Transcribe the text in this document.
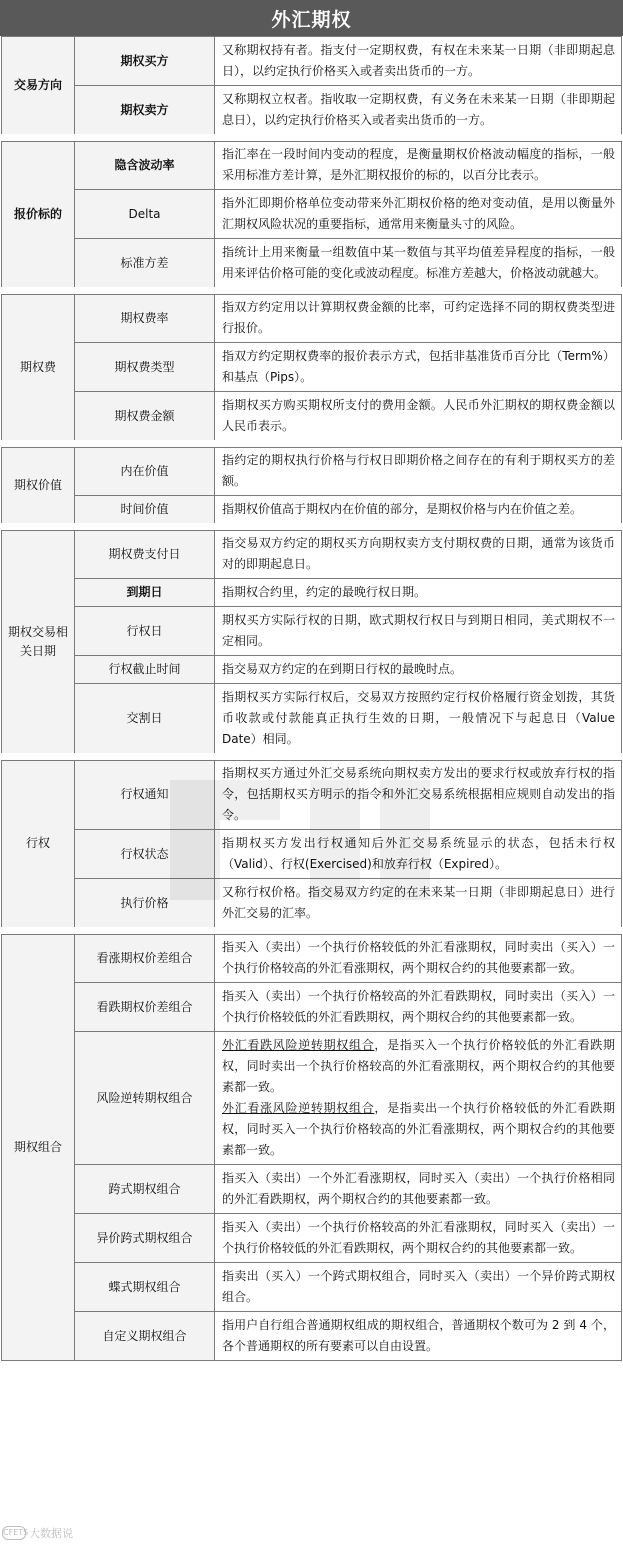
外汇期权
交易方向	期权买方	又称期权持有者。指支付一定期权费，有权在未来某一日期（非即期起息日），以约定执行价格买入或者卖出货币的一方。
	期权卖方	又称期权立权者。指收取一定期权费，有义务在未来某一日期（非即期起息日），以约定执行价格买入或者卖出货币的一方。
报价标的	隐含波动率	指汇率在一段时间内变动的程度，是衡量期权价格波动幅度的指标，一般采用标准方差计算，是外汇期权报价的标的，以百分比表示。
	Delta	指外汇即期价格单位变动带来外汇期权价格的绝对变动值，是用以衡量外汇期权风险状况的重要指标，通常用来衡量头寸的风险。
	标准方差	指统计上用来衡量一组数值中某一数值与其平均值差异程度的指标，一般用来评估价格可能的变化或波动程度。标准方差越大，价格波动就越大。
期权费	期权费率	指双方约定用以计算期权费金额的比率，可约定选择不同的期权费类型进行报价。
	期权费类型	指双方约定期权费率的报价表示方式，包括非基准货币百分比（Term%）和基点（Pips）。
	期权费金额	指期权买方购买期权所支付的费用金额。人民币外汇期权的期权费金额以人民币表示。
期权价值	内在价值	指约定的期权执行价格与行权日即期价格之间存在的有利于期权买方的差额。
	时间价值	指期权价值高于期权内在价值的部分，是期权价格与内在价值之差。
期权交易相关日期	期权费支付日	指交易双方约定的期权买方向期权卖方支付期权费的日期，通常为该货币对的即期起息日。
	到期日	指期权合约里，约定的最晚行权日期。
	行权日	期权买方实际行权的日期，欧式期权行权日与到期日相同，美式期权不一定相同。
	行权截止时间	指交易双方约定的在到期日行权的最晚时点。
	交割日	指期权买方实际行权后，交易双方按照约定行权价格履行资金划拨，其货币收款或付款能真正执行生效的日期，一般情况下与起息日（Value Date）相同。
行权	行权通知	指期权买方通过外汇交易系统向期权卖方发出的要求行权或放弃行权的指令，包括期权买方明示的指令和外汇交易系统根据相应规则自动发出的指令。
	行权状态	指期权买方发出行权通知后外汇交易系统显示的状态，包括未行权（Valid）、行权(Exercised)和放弃行权（Expired）。
	执行价格	又称行权价格。指交易双方约定的在未来某一日期（非即期起息日）进行外汇交易的汇率。
期权组合	看涨期权价差组合	指买入（卖出）一个执行价格较低的外汇看涨期权，同时卖出（买入）一个执行价格较高的外汇看涨期权，两个期权合约的其他要素都一致。
	看跌期权价差组合	指买入（卖出）一个执行价格较高的外汇看跌期权，同时卖出（买入）一个执行价格较低的外汇看跌期权，两个期权合约的其他要素都一致。
	风险逆转期权组合	外汇看跌风险逆转期权组合，是指买入一个执行价格较低的外汇看跌期权，同时卖出一个执行价格较高的外汇看涨期权，两个期权合约的其他要素都一致。
外汇看涨风险逆转期权组合，是指卖出一个执行价格较低的外汇看跌期权，同时买入一个执行价格较高的外汇看涨期权，两个期权合约的其他要素都一致。

	跨式期权组合	指买入（卖出）一个外汇看涨期权，同时买入（卖出）一个执行价格相同的外汇看跌期权，两个期权合约的其他要素都一致。
	异价跨式期权组合	指买入（卖出）一个执行价格较高的外汇看涨期权，同时买入（卖出）一个执行价格较低的外汇看跌期权，两个期权合约的其他要素都一致。
	蝶式期权组合	指卖出（买入）一个跨式期权组合，同时买入（卖出）一个异价跨式期权组合。
	自定义期权组合	指用户自行组合普通期权组成的期权组合，普通期权个数可为 2 到 4 个，各个普通期权的所有要素可以自由设置。
CFETS 大数据说
